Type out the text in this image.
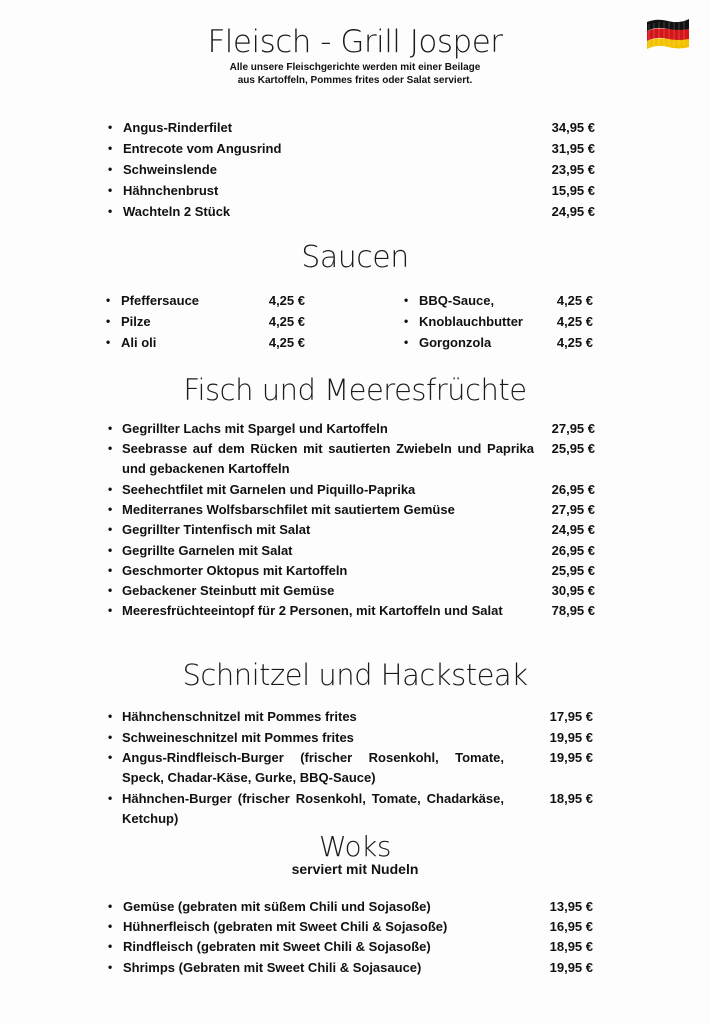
Fleisch - Grill Josper
Alle unsere Fleischgerichte werden mit einer Beilage
aus Kartoffeln, Pommes frites oder Salat serviert.
• Angus-Rinderfilet	34,95 €
• Entrecote vom Angusrind	31,95 €
• Schweinslende	23,95 €
• Hähnchenbrust	15,95 €
• Wachteln 2 Stück	24,95 €
Saucen
• Pfeffersauce	4,25 €
• Pilze	4,25 €
• Ali oli	4,25 €
• BBQ-Sauce,	4,25 €
• Knoblauchbutter	4,25 €
• Gorgonzola	4,25 €
Fisch und Meeresfrüchte
• Gegrillter Lachs mit Spargel und Kartoffeln	27,95 €
• Seebrasse auf dem Rücken mit sautierten Zwiebeln und Paprika und gebackenen Kartoffeln
25,95 €
• Seehechtfilet mit Garnelen und Piquillo-Paprika	26,95 €
• Mediterranes Wolfsbarschfilet mit sautiertem Gemüse	27,95 €
• Gegrillter Tintenfisch mit Salat	24,95 €
• Gegrillte Garnelen mit Salat	26,95 €
• Geschmorter Oktopus mit Kartoffeln	25,95 €
• Gebackener Steinbutt mit Gemüse	30,95 €
• Meeresfrüchteeintopf für 2 Personen, mit Kartoffeln und Salat	78,95 €
Schnitzel und Hacksteak
• Hähnchenschnitzel mit Pommes frites	17,95 €
• Schweineschnitzel mit Pommes frites	19,95 €
• Angus-Rindfleisch-Burger (frischer Rosenkohl, Tomate, Speck, Chadar-Käse, Gurke, BBQ-Sauce)
19,95 €
• Hähnchen-Burger (frischer Rosenkohl, Tomate, Chadarkäse, Ketchup)
18,95 €
Woks
serviert mit Nudeln
• Gemüse (gebraten mit süßem Chili und Sojasoße)	13,95 €
• Hühnerfleisch (gebraten mit Sweet Chili & Sojasoße)	16,95 €
• Rindfleisch (gebraten mit Sweet Chili & Sojasoße)	18,95 €
• Shrimps (Gebraten mit Sweet Chili & Sojasauce)	19,95 €
